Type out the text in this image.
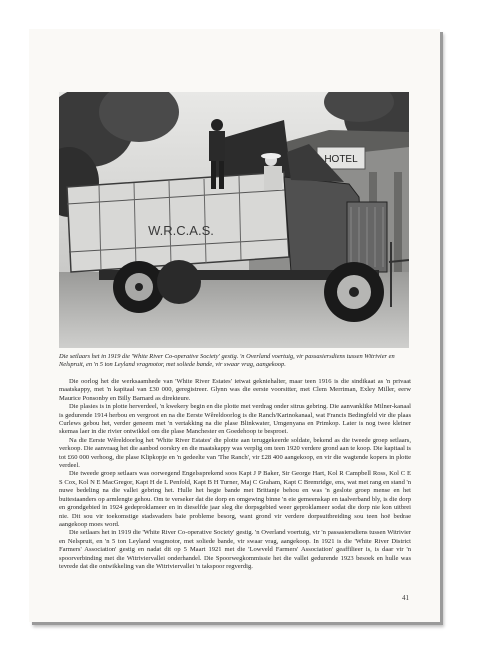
HOTEL
W.R.C.A.S.

Die setlaars het in 1919 die 'White River Co-operative Society' gestig. 'n Overland voertuig, vir passasiersdiens tussen Witrivier en Nelspruit, en 'n 5 ton Leyland vragmotor, met soliede bande, vir swaar vrag, aangekoop.

Die oorlog het die werksaamhede van 'White River Estates' ietwat gekniehalter, maar teen 1916 is die sindikaat as 'n privaat maatskappy, met 'n kapitaal van £30 000, geregistreer. Glynn was die eerste voorsitter, met Clem Merriman, Exley Miller, eerw Maurice Ponsonby en Billy Barnard as direkteure.

Die plasies is in plotte herverdeel, 'n kwekery begin en die plotte met verdrag onder sitrus gebring. Die aanvanklike Milner-kanaal is gedurende 1914 herbou en vergroot en na die Eerste Wêreldoorlog is die Ranch/Karinokanaal, wat Francis Bedingfeld vir die plaas Curlews gebou het, verder geneem met 'n vertakking na die plase Blinkwater, Umgenyana en Primkop. Later is nog twee kleiner skemas laer in die rivier ontwikkel om die plase Manchester en Goedehoop te besproei.

Na die Eerste Wêreldoorlog het 'White River Estates' die plotte aan teruggekeerde soldate, bekend as die tweede groep setlaars, verkoop. Die aanvraag het die aanbod oorskry en die maatskappy was verplig om teen 1920 verdere grond aan te koop. Die kapitaal is tot £60 000 verhoog, die plase Klipkopje en 'n gedeelte van 'The Ranch', vir £28 400 aangekoop, en vir die wagtende kopers in plotte verdeel.

Die tweede groep setlaars was oorwegend Engelssprekend soos Kapt J P Baker, Sir George Hart, Kol R Campbell Ross, Kol C E S Cox, Kol N E MacGregor, Kapt H de L Penfold, Kapt B H Turner, Maj C Graham, Kapt C Bremridge, ens, wat met rang en stand 'n nuwe bedeling na die vallei gebring het. Hulle het hegte bande met Brittanje behou en was 'n geslote groep mense en het buitestaanders op armlengte gehou. Om te verseker dat die dorp en omgewing binne 'n eie gemeenskap en taalverband bly, is die dorp en grondgebied in 1924 gedeproklameer en in dieselfde jaar sleg die dorpsgebied weer geproklameer sodat die dorp nie kon uitbrei nie. Dit sou vir toekomstige stadsvaders baie probleme besorg, want grond vir verdere dorpsuitbreiding sou teen hoë bedrae aangekoop moes word.

Die setlaars het in 1919 die 'White River Co-operative Society' gestig. 'n Overland voertuig, vir 'n passasiersdiens tussen Witrivier en Nelspruit, en 'n 5 ton Leyland vragmotor, met soliede bande, vir swaar vrag, aangekoop. In 1921 is die 'White River District Farmers' Association' gestig en nadat dit op 5 Maart 1921 met die 'Lowveld Farmers' Association' geaffilieer is, is daar vir 'n spoorverbinding met die Witriviervallei onderhandel. Die Spoorwegkommissie het die vallei gedurende 1923 besoek en hulle was tevrede dat die ontwikkeling van die Witriviervallei 'n takspoor regverdig.

41
